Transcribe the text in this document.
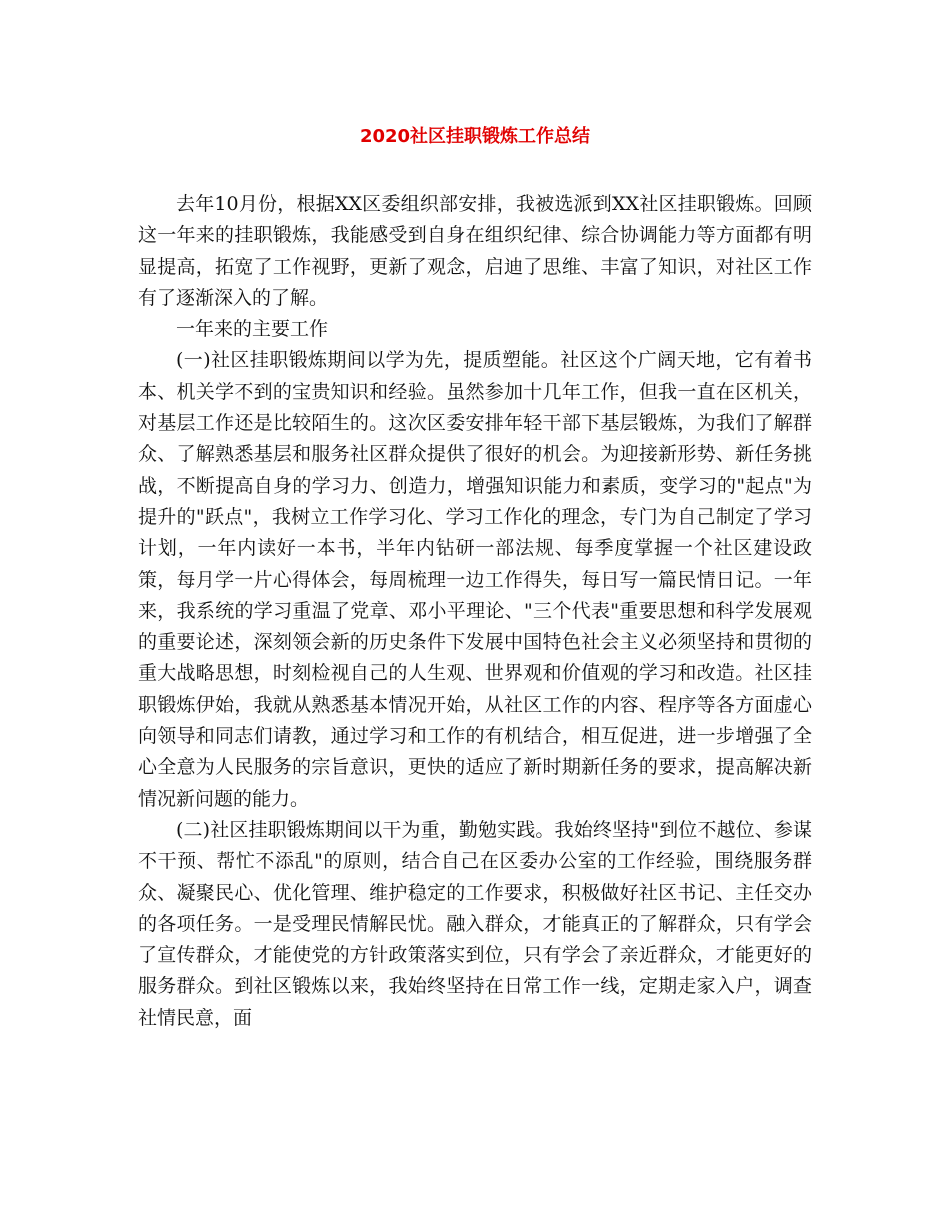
2020社区挂职锻炼工作总结

去年10月份，根据XX区委组织部安排，我被选派到XX社区挂职锻炼。回顾这一年来的挂职锻炼，我能感受到自身在组织纪律、综合协调能力等方面都有明显提高，拓宽了工作视野，更新了观念，启迪了思维、丰富了知识，对社区工作有了逐渐深入的了解。

一年来的主要工作

(一)社区挂职锻炼期间以学为先，提质塑能。社区这个广阔天地，它有着书本、机关学不到的宝贵知识和经验。虽然参加十几年工作，但我一直在区机关，对基层工作还是比较陌生的。这次区委安排年轻干部下基层锻炼，为我们了解群众、了解熟悉基层和服务社区群众提供了很好的机会。为迎接新形势、新任务挑战，不断提高自身的学习力、创造力，增强知识能力和素质，变学习的"起点"为提升的"跃点"，我树立工作学习化、学习工作化的理念，专门为自己制定了学习计划，一年内读好一本书，半年内钻研一部法规、每季度掌握一个社区建设政策，每月学一片心得体会，每周梳理一边工作得失，每日写一篇民情日记。一年来，我系统的学习重温了党章、邓小平理论、"三个代表"重要思想和科学发展观的重要论述，深刻领会新的历史条件下发展中国特色社会主义必须坚持和贯彻的重大战略思想，时刻检视自己的人生观、世界观和价值观的学习和改造。社区挂职锻炼伊始，我就从熟悉基本情况开始，从社区工作的内容、程序等各方面虚心向领导和同志们请教，通过学习和工作的有机结合，相互促进，进一步增强了全心全意为人民服务的宗旨意识，更快的适应了新时期新任务的要求，提高解决新情况新问题的能力。

(二)社区挂职锻炼期间以干为重，勤勉实践。我始终坚持"到位不越位、参谋不干预、帮忙不添乱"的原则，结合自己在区委办公室的工作经验，围绕服务群众、凝聚民心、优化管理、维护稳定的工作要求，积极做好社区书记、主任交办的各项任务。一是受理民情解民忧。融入群众，才能真正的了解群众，只有学会了宣传群众，才能使党的方针政策落实到位，只有学会了亲近群众，才能更好的服务群众。到社区锻炼以来，我始终坚持在日常工作一线，定期走家入户，调查社情民意，面
